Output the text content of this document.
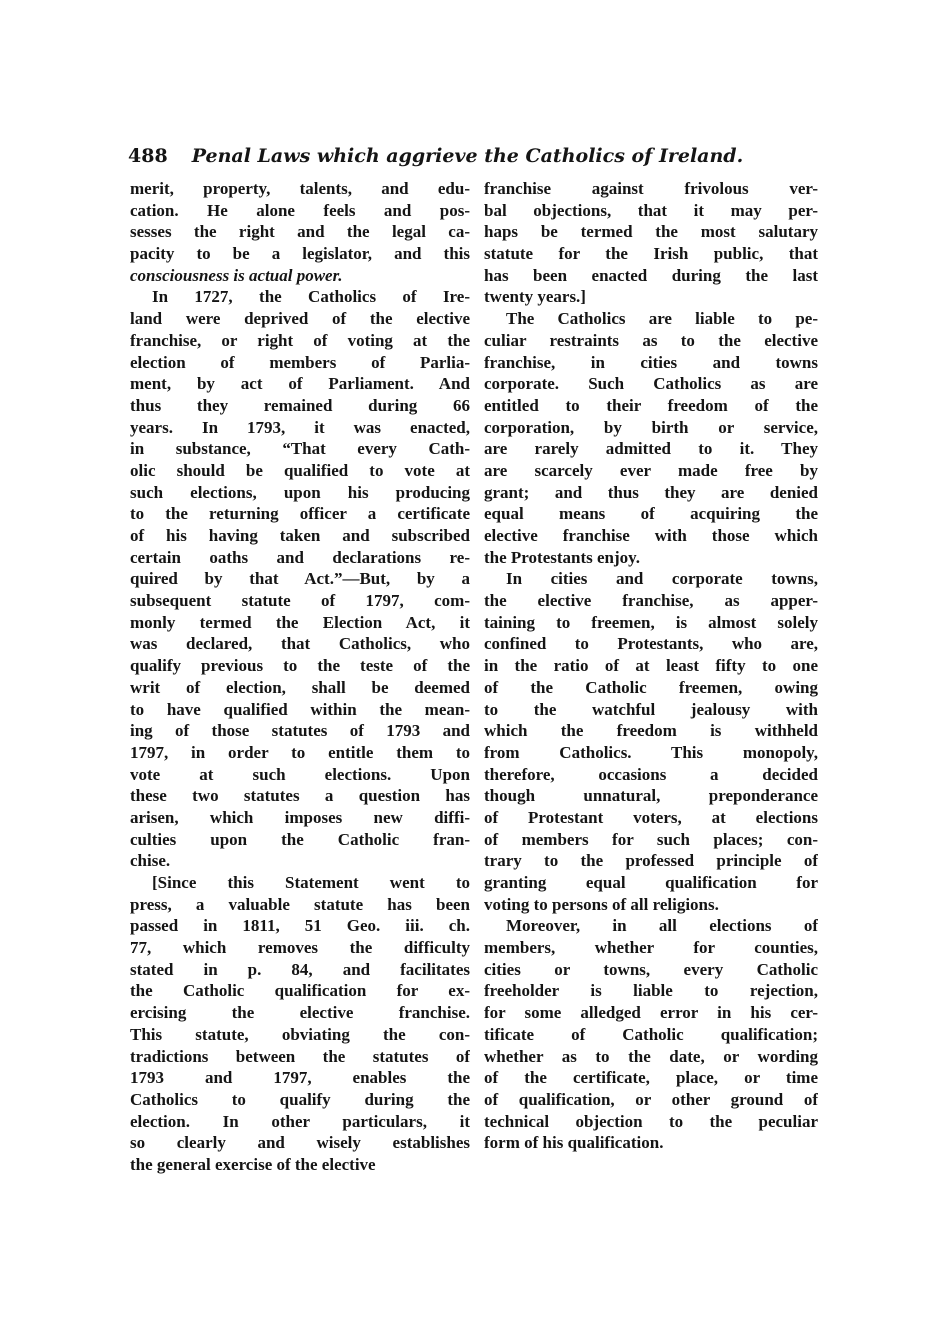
488 Penal Laws which aggrieve the Catholics of Ireland.
merit, property, talents, and edu-
cation. He alone feels and pos-
sesses the right and the legal ca-
pacity to be a legislator, and this
consciousness is actual power.
In 1727, the Catholics of Ire-
land were deprived of the elective
franchise, or right of voting at the
election of members of Parlia-
ment, by act of Parliament. And
thus they remained during 66
years. In 1793, it was enacted,
in substance, “That every Cath-
olic should be qualified to vote at
such elections, upon his producing
to the returning officer a certificate
of his having taken and subscribed
certain oaths and declarations re-
quired by that Act.”—But, by a
subsequent statute of 1797, com-
monly termed the Election Act, it
was declared, that Catholics, who
qualify previous to the teste of the
writ of election, shall be deemed
to have qualified within the mean-
ing of those statutes of 1793 and
1797, in order to entitle them to
vote at such elections. Upon
these two statutes a question has
arisen, which imposes new diffi-
culties upon the Catholic fran-
chise.
[Since this Statement went to
press, a valuable statute has been
passed in 1811, 51 Geo. iii. ch.
77, which removes the difficulty
stated in p. 84, and facilitates
the Catholic qualification for ex-
ercising the elective franchise.
This statute, obviating the con-
tradictions between the statutes of
1793 and 1797, enables the
Catholics to qualify during the
election. In other particulars, it
so clearly and wisely establishes
the general exercise of the elective
franchise against frivolous ver-
bal objections, that it may per-
haps be termed the most salutary
statute for the Irish public, that
has been enacted during the last
twenty years.]
The Catholics are liable to pe-
culiar restraints as to the elective
franchise, in cities and towns
corporate. Such Catholics as are
entitled to their freedom of the
corporation, by birth or service,
are rarely admitted to it. They
are scarcely ever made free by
grant; and thus they are denied
equal means of acquiring the
elective franchise with those which
the Protestants enjoy.
In cities and corporate towns,
the elective franchise, as apper-
taining to freemen, is almost solely
confined to Protestants, who are,
in the ratio of at least fifty to one
of the Catholic freemen, owing
to the watchful jealousy with
which the freedom is withheld
from Catholics. This monopoly,
therefore, occasions a decided
though unnatural, preponderance
of Protestant voters, at elections
of members for such places; con-
trary to the professed principle of
granting equal qualification for
voting to persons of all religions.
Moreover, in all elections of
members, whether for counties,
cities or towns, every Catholic
freeholder is liable to rejection,
for some alledged error in his cer-
tificate of Catholic qualification;
whether as to the date, or wording
of the certificate, place, or time
of qualification, or other ground of
technical objection to the peculiar
form of his qualification.
